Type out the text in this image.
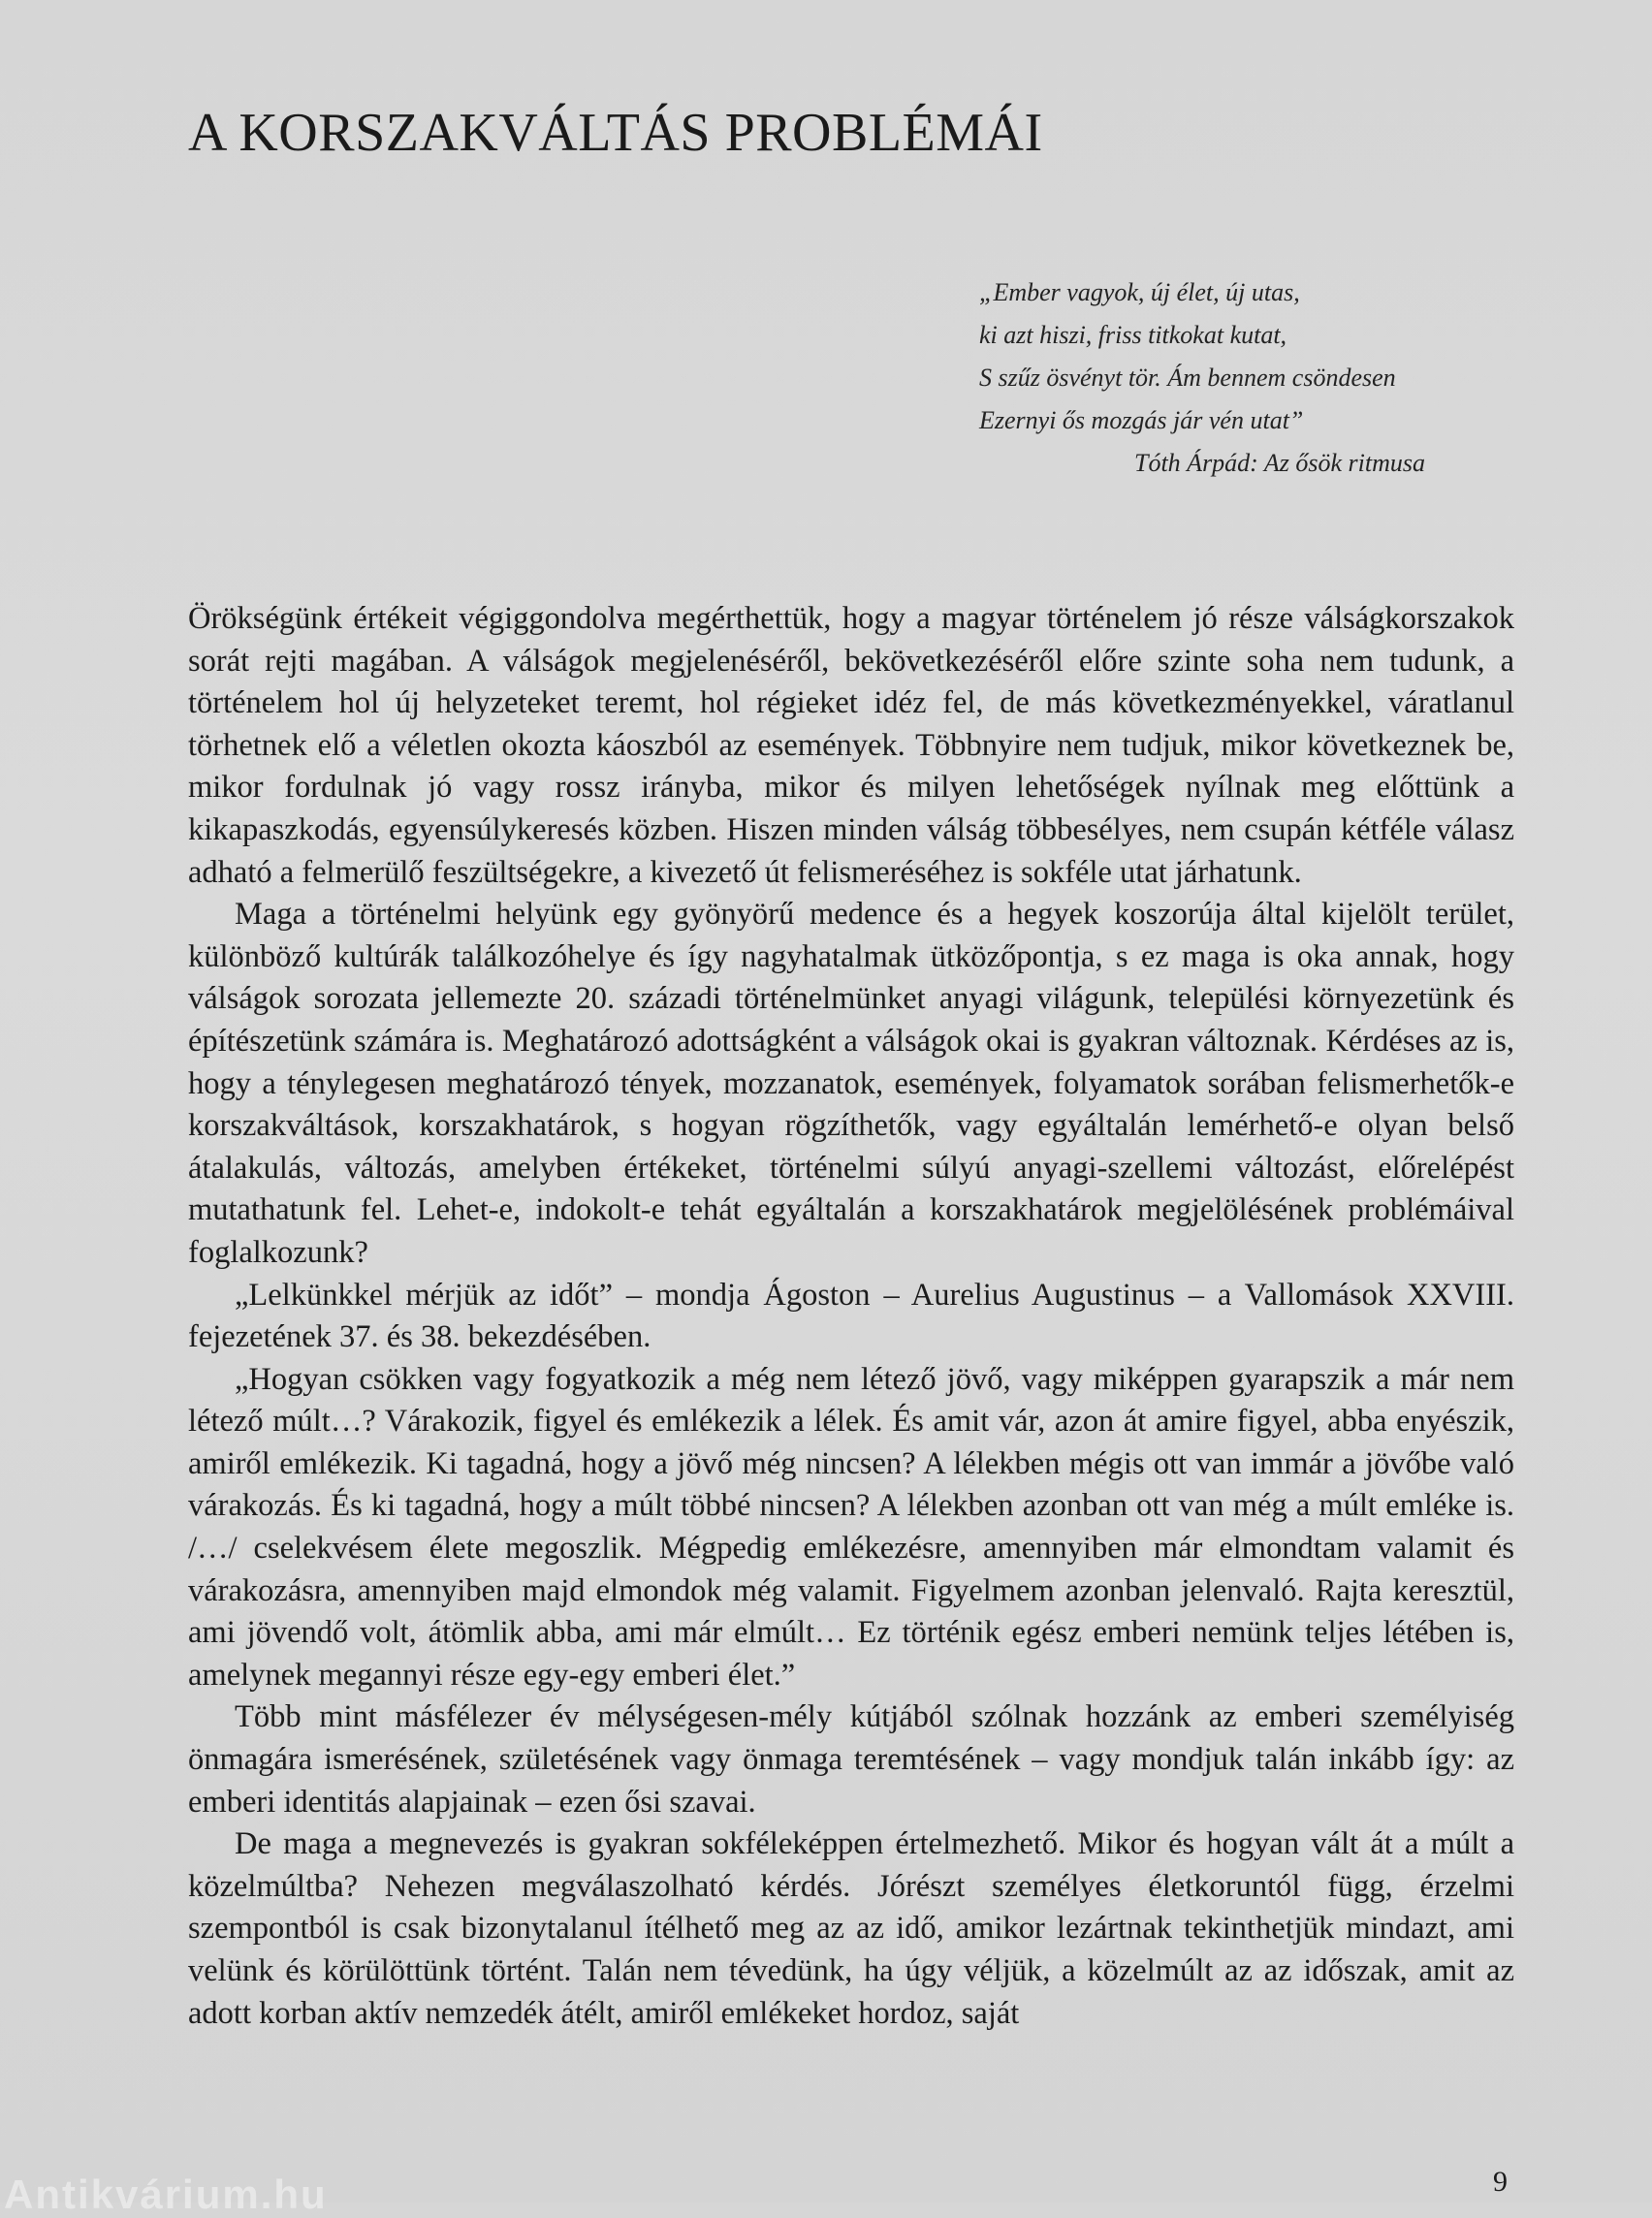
A KORSZAKVÁLTÁS PROBLÉMÁI
„Ember vagyok, új élet, új utas,
ki azt hiszi, friss titkokat kutat,
S szűz ösvényt tör. Ám bennem csöndesen
Ezernyi ős mozgás jár vén utat”
Tóth Árpád: Az ősök ritmusa

Örökségünk értékeit végiggondolva megérthettük, hogy a magyar történelem jó része válságkorszakok sorát rejti magában. A válságok megjelenéséről, bekövetkezéséről előre szinte soha nem tudunk, a történelem hol új helyzeteket teremt, hol régieket idéz fel, de más következményekkel, váratlanul törhetnek elő a véletlen okozta káoszból az események. Többnyire nem tudjuk, mikor következnek be, mikor fordulnak jó vagy rossz irányba, mikor és milyen lehetőségek nyílnak meg előttünk a kikapaszkodás, egyensúlykeresés közben. Hiszen minden válság többesélyes, nem csupán kétféle válasz adható a felmerülő feszültségekre, a kivezető út felismeréséhez is sokféle utat járhatunk.

Maga a történelmi helyünk egy gyönyörű medence és a hegyek koszorúja által kijelölt terület, különböző kultúrák találkozóhelye és így nagyhatalmak ütközőpontja, s ez maga is oka annak, hogy válságok sorozata jellemezte 20. századi történelmünket anyagi világunk, települési környezetünk és építészetünk számára is. Meghatározó adottságként a válságok okai is gyakran változnak. Kérdéses az is, hogy a ténylegesen meghatározó tények, mozzanatok, események, folyamatok sorában felismerhetők-e korszakváltások, korszakhatárok, s hogyan rögzíthetők, vagy egyáltalán lemérhető-e olyan belső átalakulás, változás, amelyben értékeket, történelmi súlyú anyagi-szellemi változást, előrelépést mutathatunk fel. Lehet-e, indokolt-e tehát egyáltalán a korszakhatárok megjelölésének problémáival foglalkozunk?

„Lelkünkkel mérjük az időt” – mondja Ágoston – Aurelius Augustinus – a Vallomások XXVIII. fejezetének 37. és 38. bekezdésében.

„Hogyan csökken vagy fogyatkozik a még nem létező jövő, vagy miképpen gyarapszik a már nem létező múlt…? Várakozik, figyel és emlékezik a lélek. És amit vár, azon át amire figyel, abba enyészik, amiről emlékezik. Ki tagadná, hogy a jövő még nincsen? A lélekben mégis ott van immár a jövőbe való várakozás. És ki tagadná, hogy a múlt többé nincsen? A lélekben azonban ott van még a múlt emléke is. /…/ cselekvésem élete megoszlik. Mégpedig emlékezésre, amennyiben már elmondtam valamit és várakozásra, amennyiben majd elmondok még valamit. Figyelmem azonban jelenvaló. Rajta keresztül, ami jövendő volt, átömlik abba, ami már elmúlt… Ez történik egész emberi nemünk teljes létében is, amelynek megannyi része egy-egy emberi élet.”

Több mint másfélezer év mélységesen-mély kútjából szólnak hozzánk az emberi személyiség önmagára ismerésének, születésének vagy önmaga teremtésének – vagy mondjuk talán inkább így: az emberi identitás alapjainak – ezen ősi szavai.

De maga a megnevezés is gyakran sokféleképpen értelmezhető. Mikor és hogyan vált át a múlt a közelmúltba? Nehezen megválaszolható kérdés. Jórészt személyes életkoruntól függ, érzelmi szempontból is csak bizonytalanul ítélhető meg az az idő, amikor lezártnak tekinthetjük mindazt, ami velünk és körülöttünk történt. Talán nem tévedünk, ha úgy véljük, a közelmúlt az az időszak, amit az adott korban aktív nemzedék átélt, amiről emlékeket hordoz, saját

9
Antikvárium.hu
